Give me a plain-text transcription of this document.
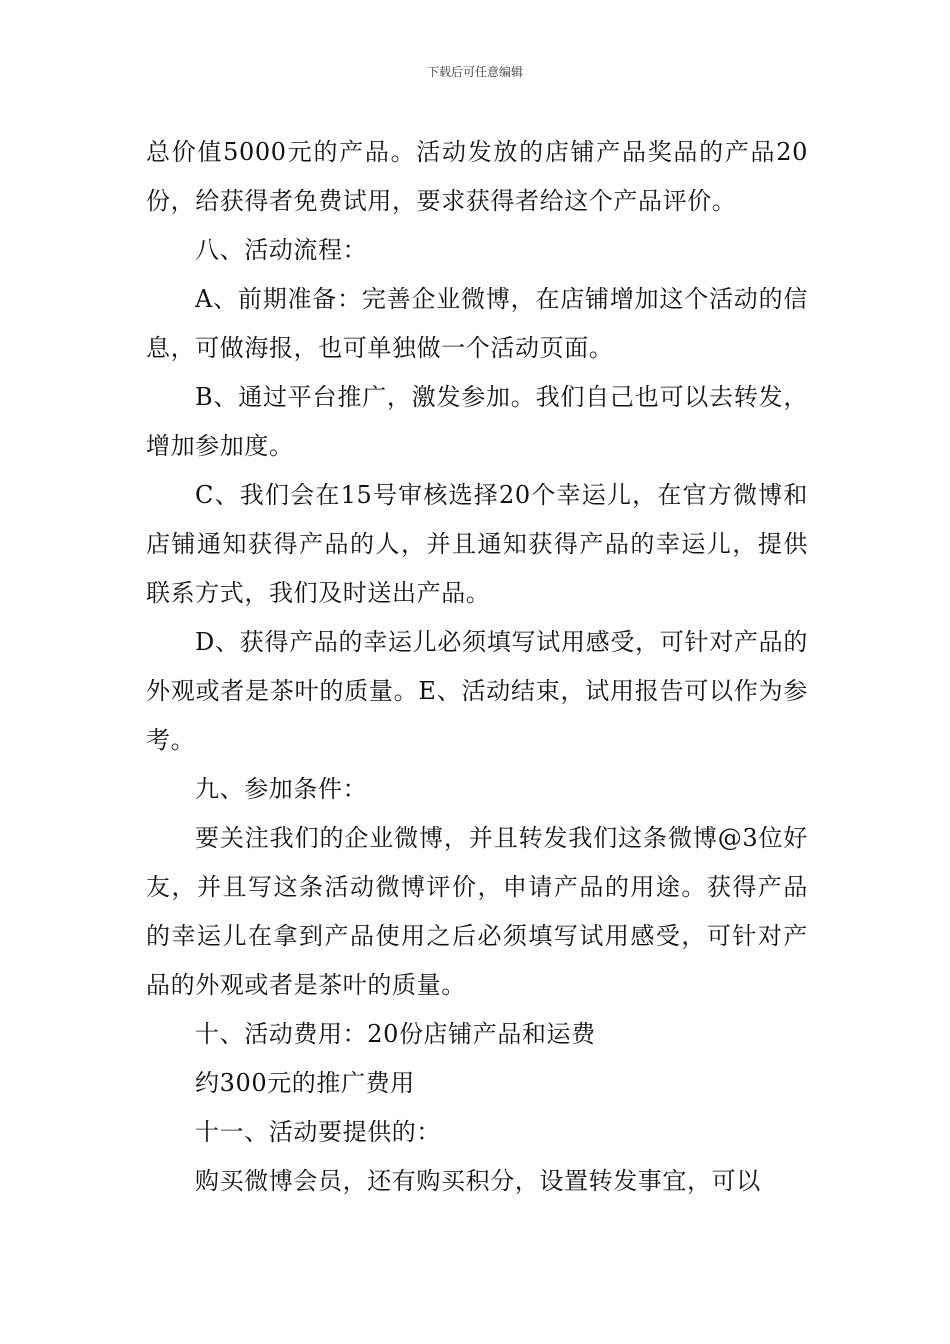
下载后可任意编辑

总价值5000元的产品。活动发放的店铺产品奖品的产品20份，给获得者免费试用，要求获得者给这个产品评价。

八、活动流程：

A、前期准备：完善企业微博，在店铺增加这个活动的信息，可做海报，也可单独做一个活动页面。

B、通过平台推广，激发参加。我们自己也可以去转发，增加参加度。

C、我们会在15号审核选择20个幸运儿，在官方微博和店铺通知获得产品的人，并且通知获得产品的幸运儿，提供联系方式，我们及时送出产品。

D、获得产品的幸运儿必须填写试用感受，可针对产品的外观或者是茶叶的质量。E、活动结束，试用报告可以作为参考。

九、参加条件：

要关注我们的企业微博，并且转发我们这条微博@3位好友，并且写这条活动微博评价，申请产品的用途。获得产品的幸运儿在拿到产品使用之后必须填写试用感受，可针对产品的外观或者是茶叶的质量。

十、活动费用：20份店铺产品和运费

约300元的推广费用

十一、活动要提供的：

购买微博会员，还有购买积分，设置转发事宜，可以
